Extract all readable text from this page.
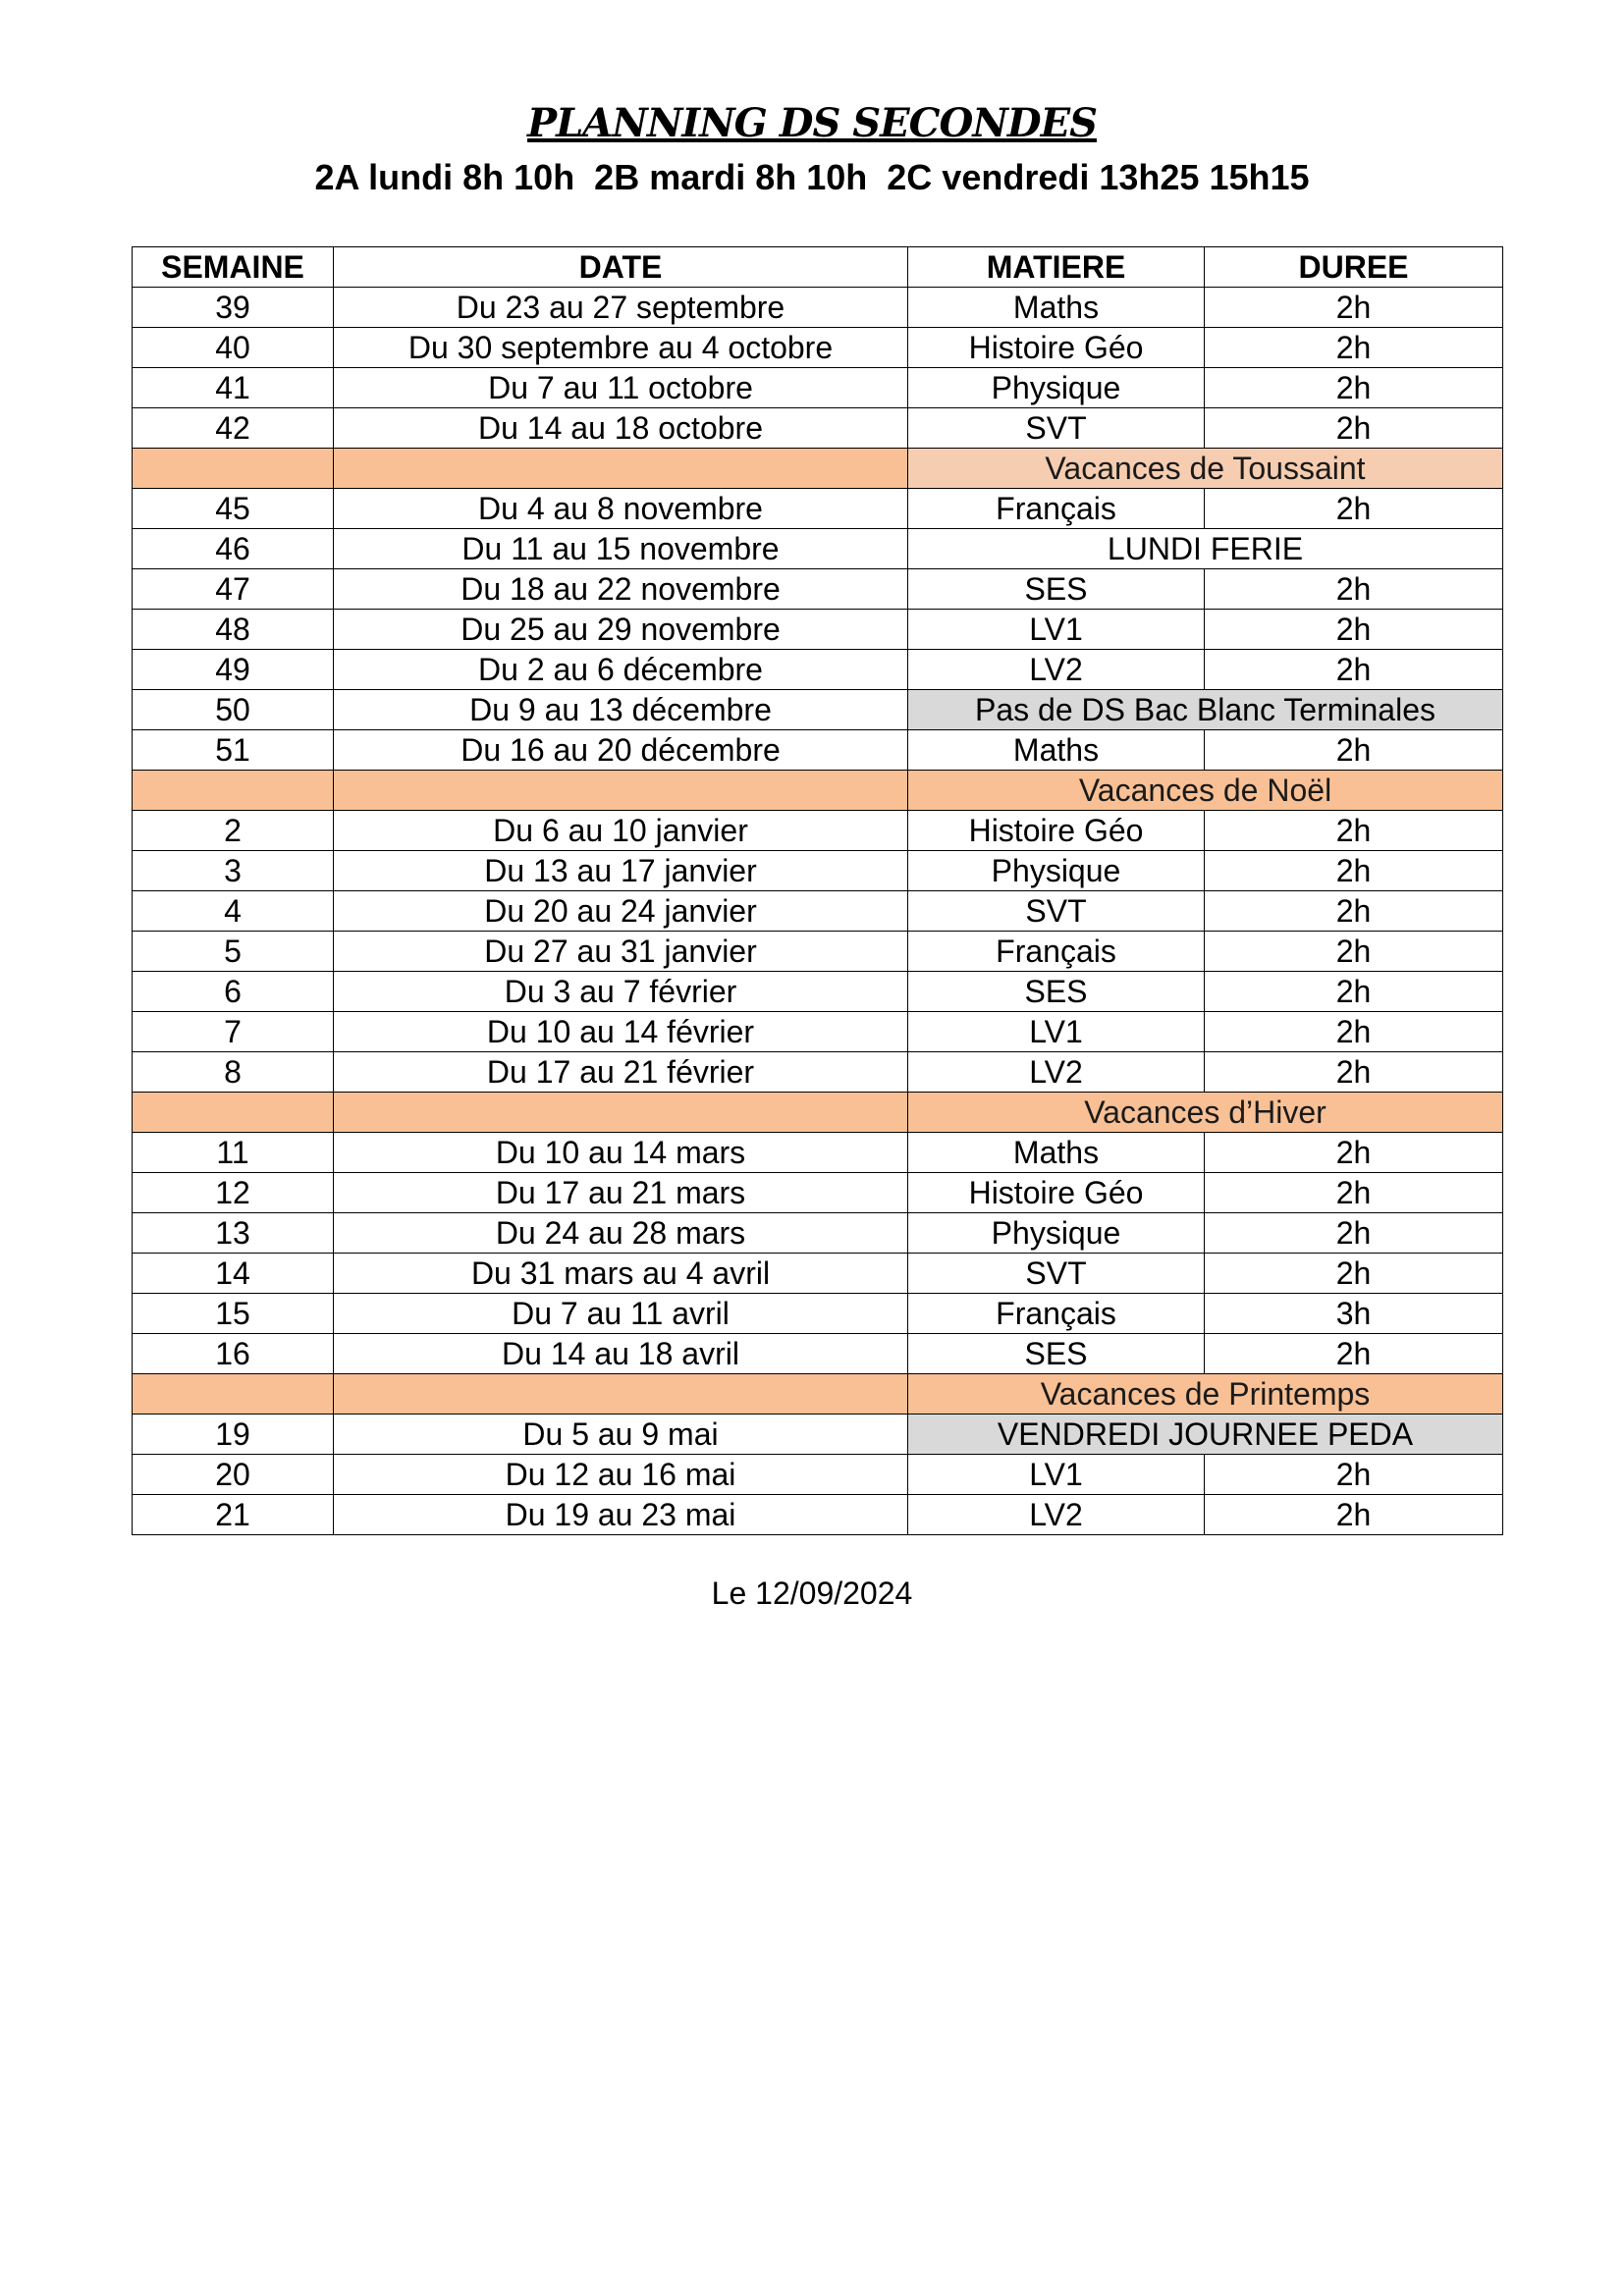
PLANNING DS SECONDES
2A lundi 8h 10h  2B mardi 8h 10h  2C vendredi 13h25 15h15
SEMAINE	DATE	MATIERE	DUREE
39	Du 23 au 27 septembre	Maths	2h
40	Du 30 septembre au 4 octobre	Histoire Géo	2h
41	Du 7 au 11 octobre	Physique	2h
42	Du 14 au 18 octobre	SVT	2h
		Vacances de Toussaint	
45	Du 4 au 8 novembre	Français	2h
46	Du 11 au 15 novembre	LUNDI FERIE	
47	Du 18 au 22 novembre	SES	2h
48	Du 25 au 29 novembre	LV1	2h
49	Du 2 au 6 décembre	LV2	2h
50	Du 9 au 13 décembre	Pas de DS Bac Blanc Terminales	
51	Du 16 au 20 décembre	Maths	2h
		Vacances de Noël	
2	Du 6 au 10 janvier	Histoire Géo	2h
3	Du 13 au 17 janvier	Physique	2h
4	Du 20 au 24 janvier	SVT	2h
5	Du 27 au 31 janvier	Français	2h
6	Du 3 au 7 février	SES	2h
7	Du 10 au 14 février	LV1	2h
8	Du 17 au 21 février	LV2	2h
		Vacances d’Hiver	
11	Du 10 au 14 mars	Maths	2h
12	Du 17 au 21 mars	Histoire Géo	2h
13	Du 24 au 28 mars	Physique	2h
14	Du 31 mars au 4 avril	SVT	2h
15	Du 7 au 11 avril	Français	3h
16	Du 14 au 18 avril	SES	2h
		Vacances de Printemps	
19	Du 5 au 9 mai	VENDREDI JOURNEE PEDA	
20	Du 12 au 16 mai	LV1	2h
21	Du 19 au 23 mai	LV2	2h
Le 12/09/2024
